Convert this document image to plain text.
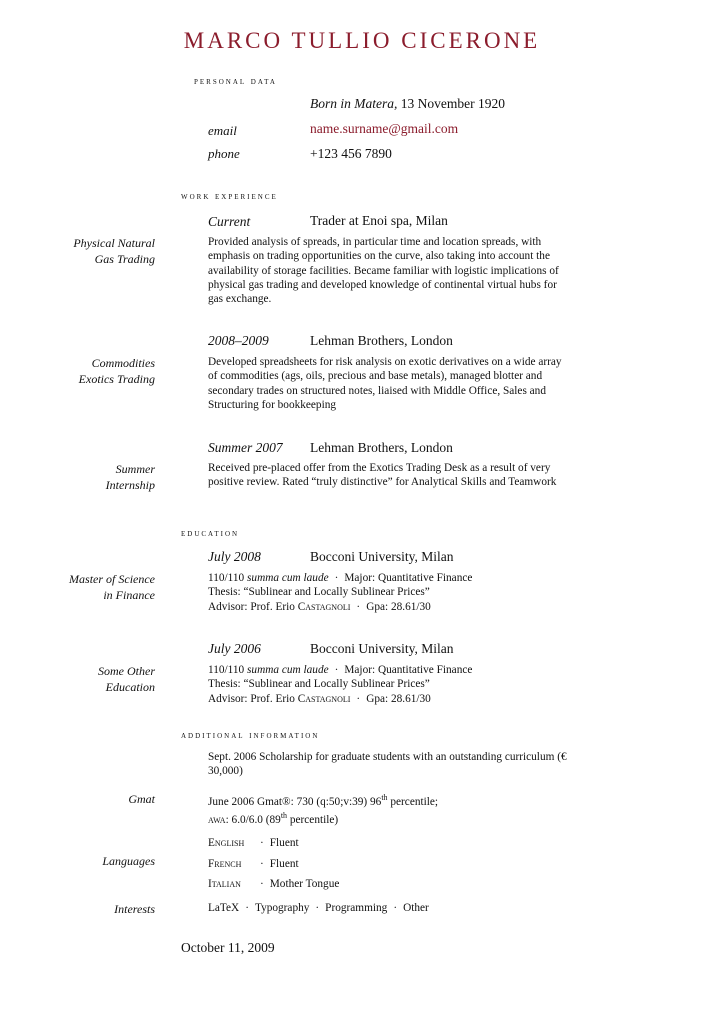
MARCO TULLIO CICERONE
personal data
Born in Matera, 13 November 1920
email	name.surname@gmail.com
phone	+123 456 7890
work experience
Current	Trader at Enoi spa, Milan
Physical Natural
Gas Trading
Provided analysis of spreads, in particular time and location spreads, with emphasis on trading opportunities on the curve, also taking into account the availability of storage facilities. Became familiar with logistic implications of physical gas trading and developed knowledge of continental virtual hubs for gas exchange.
2008–2009	Lehman Brothers, London
Commodities
Exotics Trading
Developed spreadsheets for risk analysis on exotic derivatives on a wide array of commodities (ags, oils, precious and base metals), managed blotter and secondary trades on structured notes, liaised with Middle Office, Sales and Structuring for bookkeeping
Summer 2007 Lehman Brothers, London
Summer
Internship
Received pre-placed offer from the Exotics Trading Desk as a result of very positive review. Rated “truly distinctive” for Analytical Skills and Teamwork
education
July 2008	Bocconi University, Milan
Master of Science
in Finance
110/110 summa cum laude · Major: Quantitative Finance
Thesis: “Sublinear and Locally Sublinear Prices”
Advisor: Prof. Erio Castagnoli · Gpa: 28.61/30
July 2006	Bocconi University, Milan
Some Other
Education
110/110 summa cum laude · Major: Quantitative Finance
Thesis: “Sublinear and Locally Sublinear Prices”
Advisor: Prof. Erio Castagnoli · Gpa: 28.61/30
additional information
Sept. 2006 Scholarship for graduate students with an outstanding curriculum (€ 30,000)
Gmat	June 2006 Gmat®: 730 (q:50;v:39) 96th percentile;
awa: 6.0/6.0 (89th percentile)
Languages
English · Fluent
French · Fluent
Italian · Mother Tongue
Interests	LaTeX · Typography · Programming · Other
October 11, 2009
